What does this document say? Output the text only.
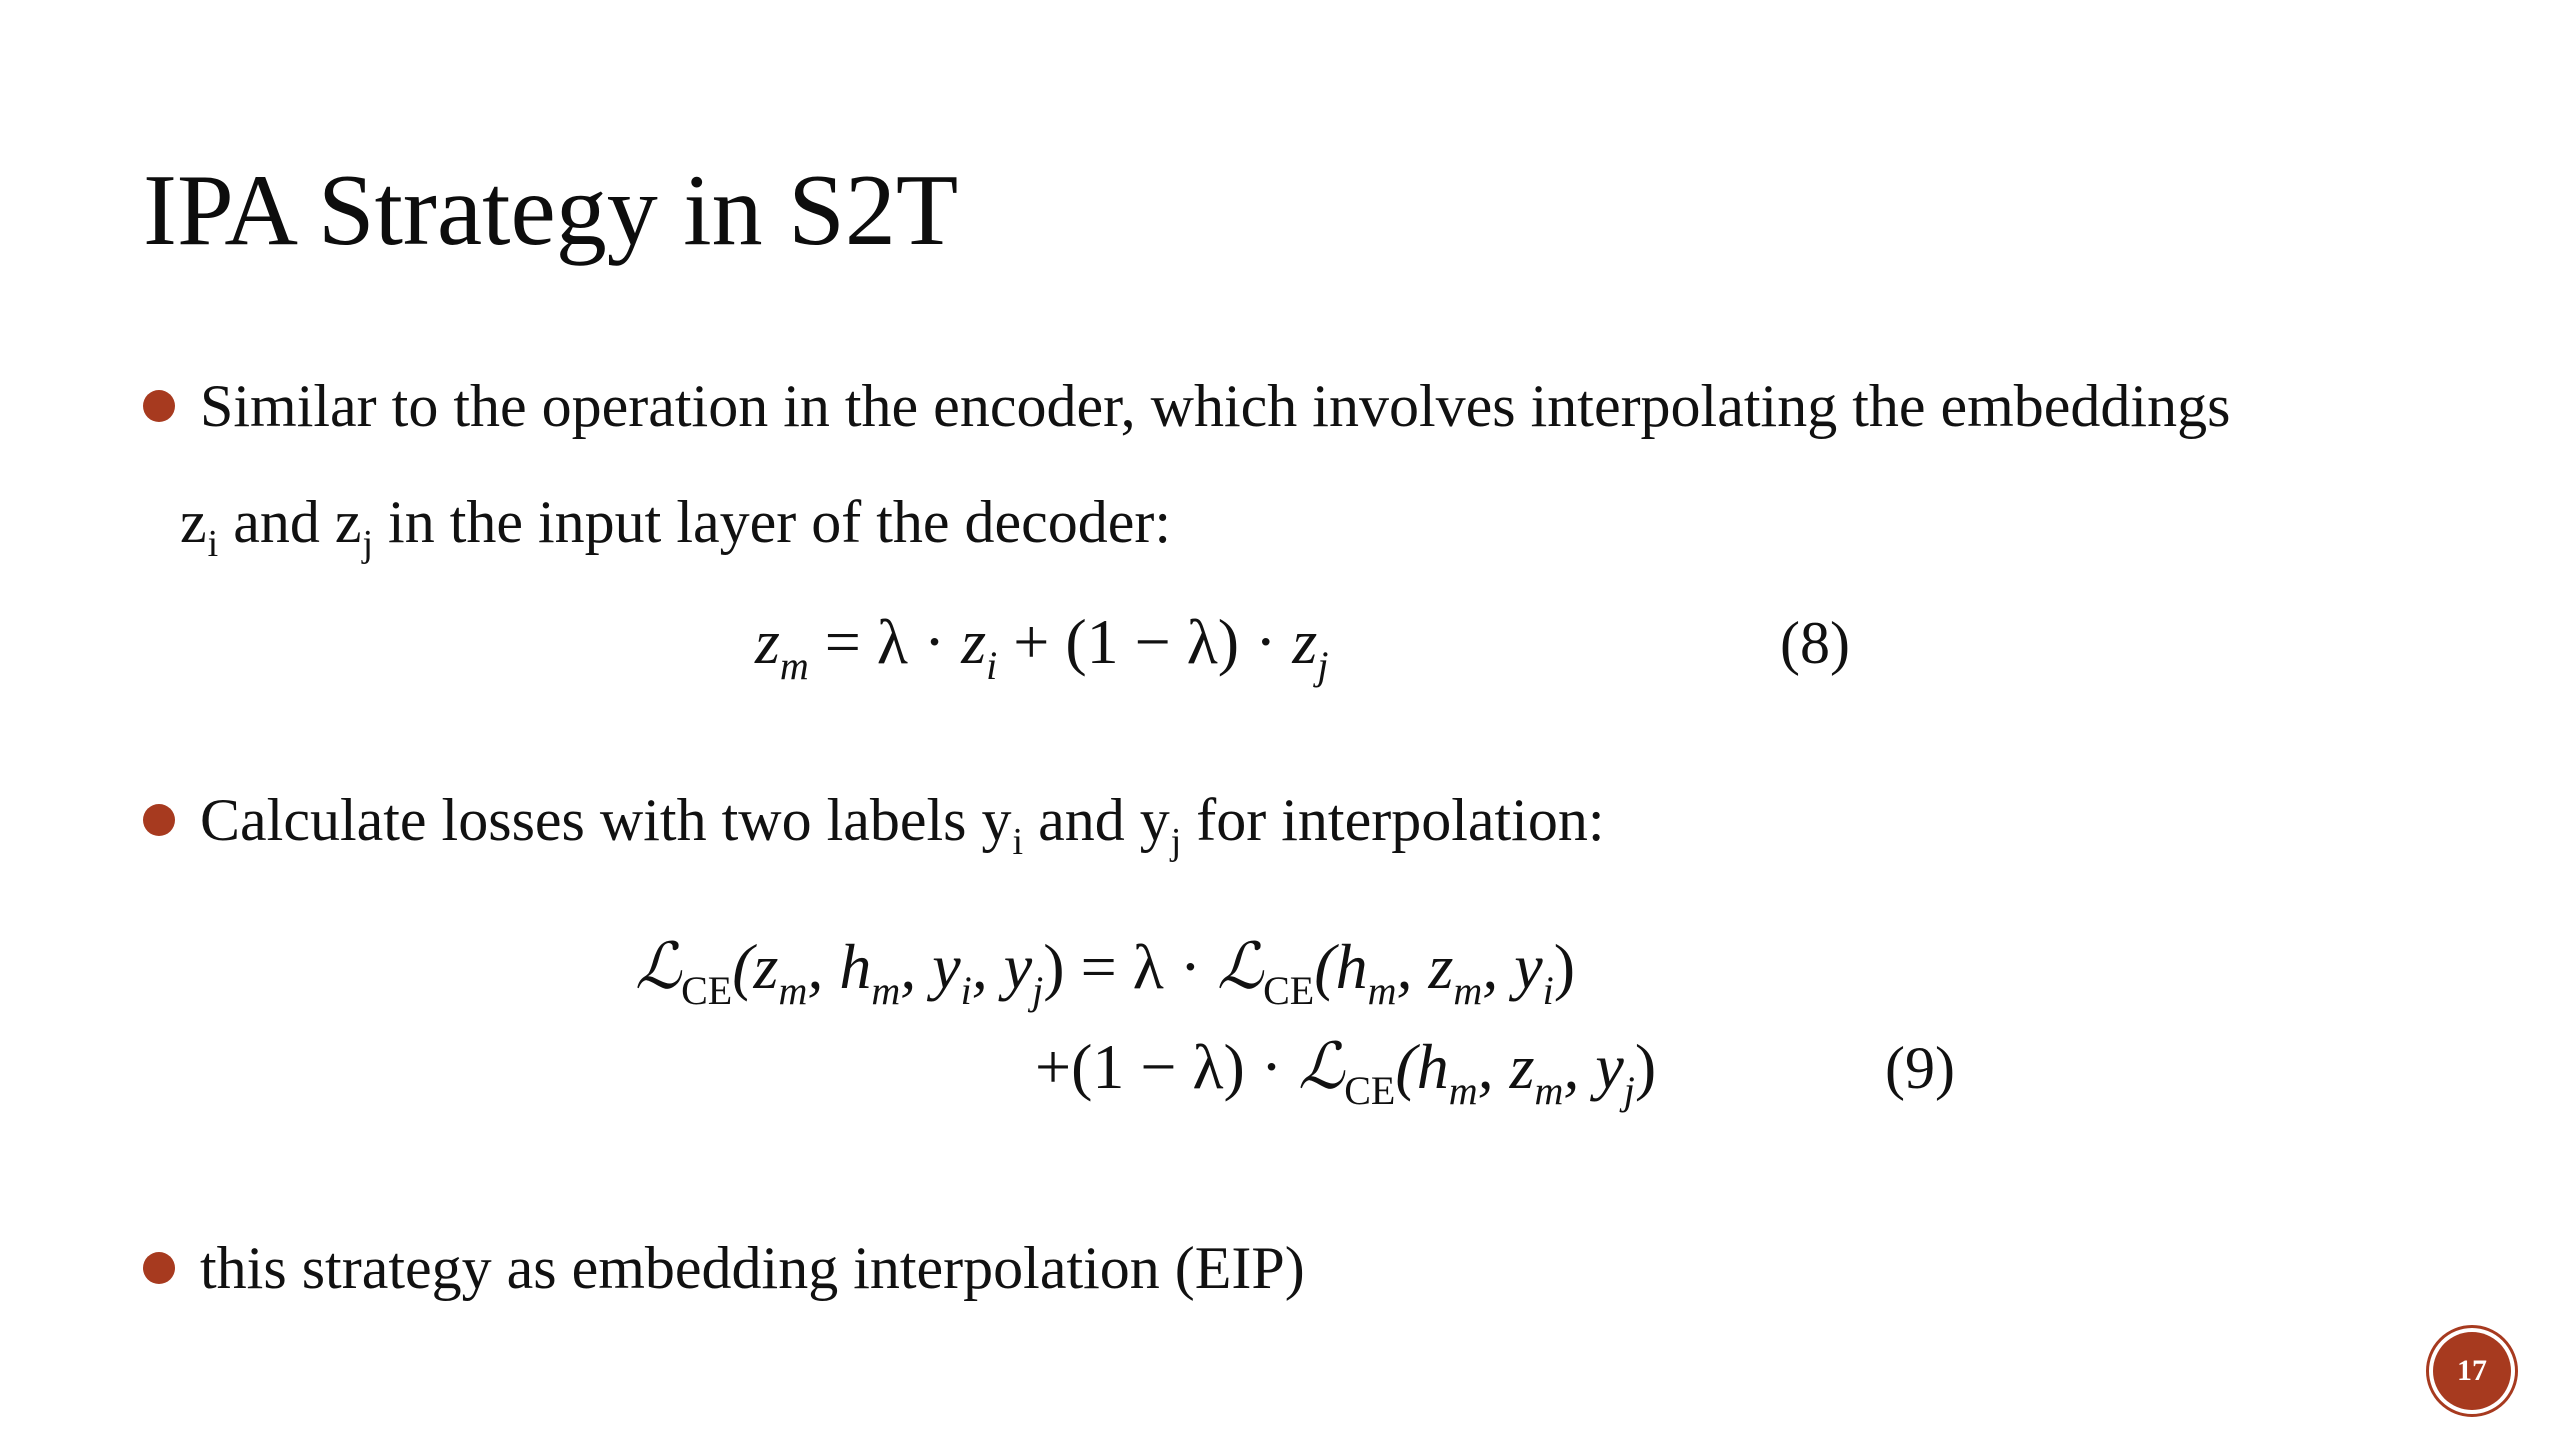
IPA Strategy in S2T
Similar to the operation in the encoder, which involves interpolating the embeddings
$z_i$ and $z_j$ in the input layer of the decoder:
$z_m = \lambda \cdot z_i + (1 - \lambda) \cdot z_j$	(8)
Calculate losses with two labels $y_i$ and $y_j$ for interpolation:
$ℒ_{CE}(z_m$, $h_m$, $y_i$, $y_j) = \lambda$ · $ℒ_{CE}(h_m$, $z_m$, $y_i$)
$+(1 - \lambda) \cdot ℒ_{CE}(h_m$, $z_m$, $y_j$)	(9)
this strategy as embedding interpolation (EIP)
17
